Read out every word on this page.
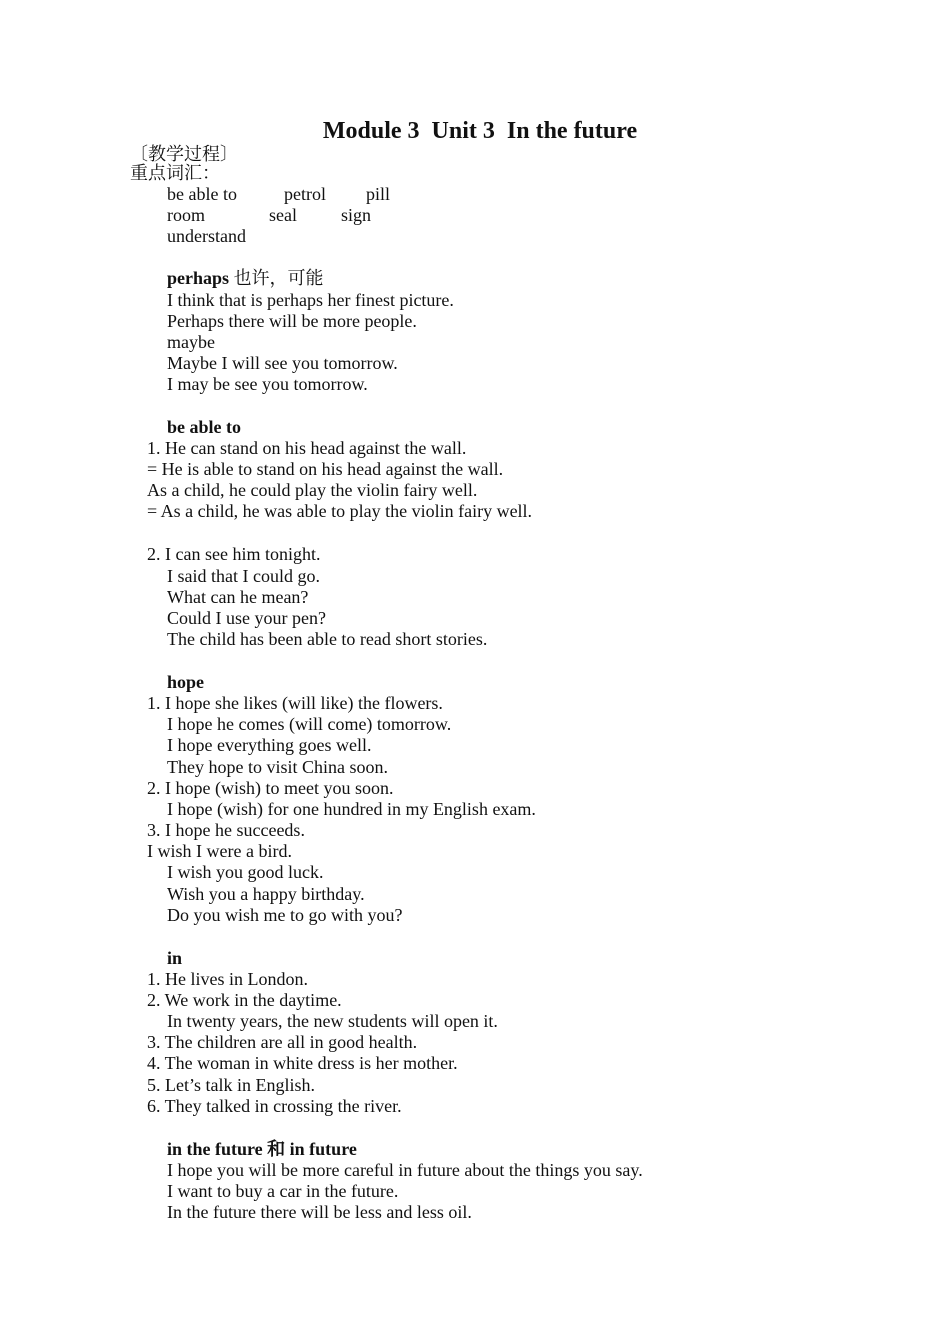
Module 3  Unit 3  In the future
〔教学过程〕
重点词汇：
be able to	petrol pill
room	seal sign
understand
perhaps 也许，可能
I think that is perhaps her finest picture.
Perhaps there will be more people.
maybe
Maybe I will see you tomorrow.
I may be see you tomorrow.
be able to
1. He can stand on his head against the wall.
= He is able to stand on his head against the wall.
As a child, he could play the violin fairy well.
= As a child, he was able to play the violin fairy well.
2. I can see him tonight.
I said that I could go.
What can he mean?
Could I use your pen?
The child has been able to read short stories.
hope
1. I hope she likes (will like) the flowers.
I hope he comes (will come) tomorrow.
I hope everything goes well.
They hope to visit China soon.
2. I hope (wish) to meet you soon.
I hope (wish) for one hundred in my English exam.
3. I hope he succeeds.
I wish I were a bird.
I wish you good luck.
Wish you a happy birthday.
Do you wish me to go with you?
in
1. He lives in London.
2. We work in the daytime.
In twenty years, the new students will open it.
3. The children are all in good health.
4. The woman in white dress is her mother.
5. Let’s talk in English.
6. They talked in crossing the river.
in the future 和 in future
I hope you will be more careful in future about the things you say.
I want to buy a car in the future.
In the future there will be less and less oil.
